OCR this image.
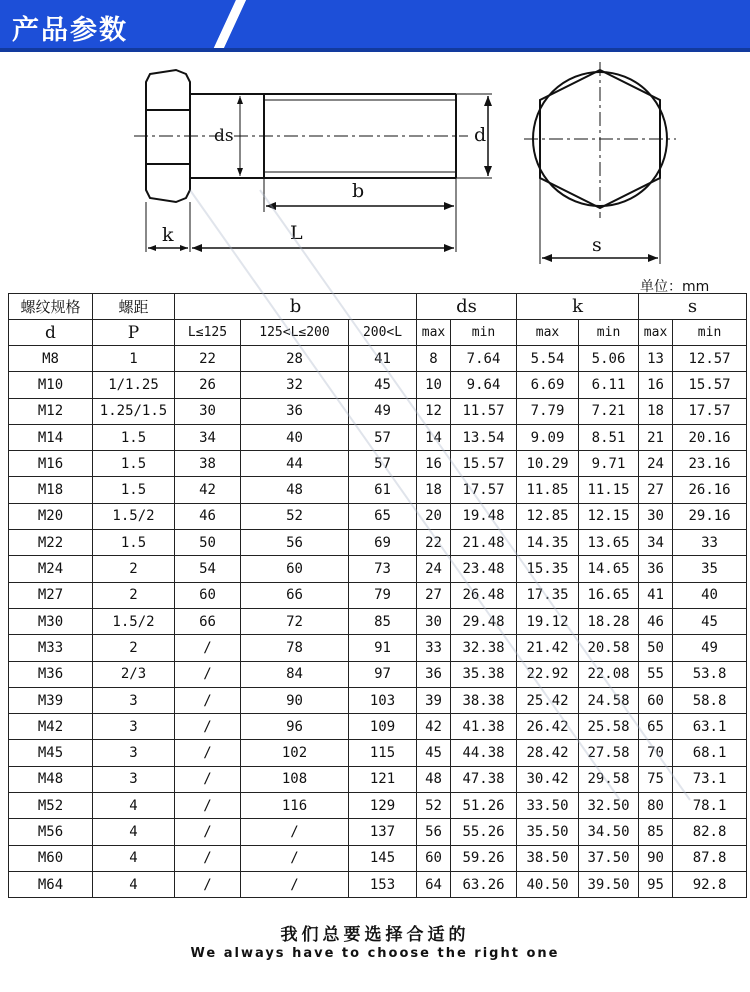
产品参数
ds	d
b
k	L
s
单位：mm
螺纹规格	螺距	b			ds		k		s	
d	P	L≤125	125<L≤200	200<L	max	min	max	min	max	min
M8	1	22	28	41	8	7.64	5.54	5.06	13	12.57
M10	1/1.25	26	32	45	10	9.64	6.69	6.11	16	15.57
M12	1.25/1.5	30	36	49	12	11.57	7.79	7.21	18	17.57
M14	1.5	34	40	57	14	13.54	9.09	8.51	21	20.16
M16	1.5	38	44	57	16	15.57	10.29	9.71	24	23.16
M18	1.5	42	48	61	18	17.57	11.85	11.15	27	26.16
M20	1.5/2	46	52	65	20	19.48	12.85	12.15	30	29.16
M22	1.5	50	56	69	22	21.48	14.35	13.65	34	33
M24	2	54	60	73	24	23.48	15.35	14.65	36	35
M27	2	60	66	79	27	26.48	17.35	16.65	41	40
M30	1.5/2	66	72	85	30	29.48	19.12	18.28	46	45
M33	2	/	78	91	33	32.38	21.42	20.58	50	49
M36	2/3	/	84	97	36	35.38	22.92	22.08	55	53.8
M39	3	/	90	103	39	38.38	25.42	24.58	60	58.8
M42	3	/	96	109	42	41.38	26.42	25.58	65	63.1
M45	3	/	102	115	45	44.38	28.42	27.58	70	68.1
M48	3	/	108	121	48	47.38	30.42	29.58	75	73.1
M52	4	/	116	129	52	51.26	33.50	32.50	80	78.1
M56	4	/	/	137	56	55.26	35.50	34.50	85	82.8
M60	4	/	/	145	60	59.26	38.50	37.50	90	87.8
M64	4	/	/	153	64	63.26	40.50	39.50	95	92.8
我们总要选择合适的
We always have to choose the right one
